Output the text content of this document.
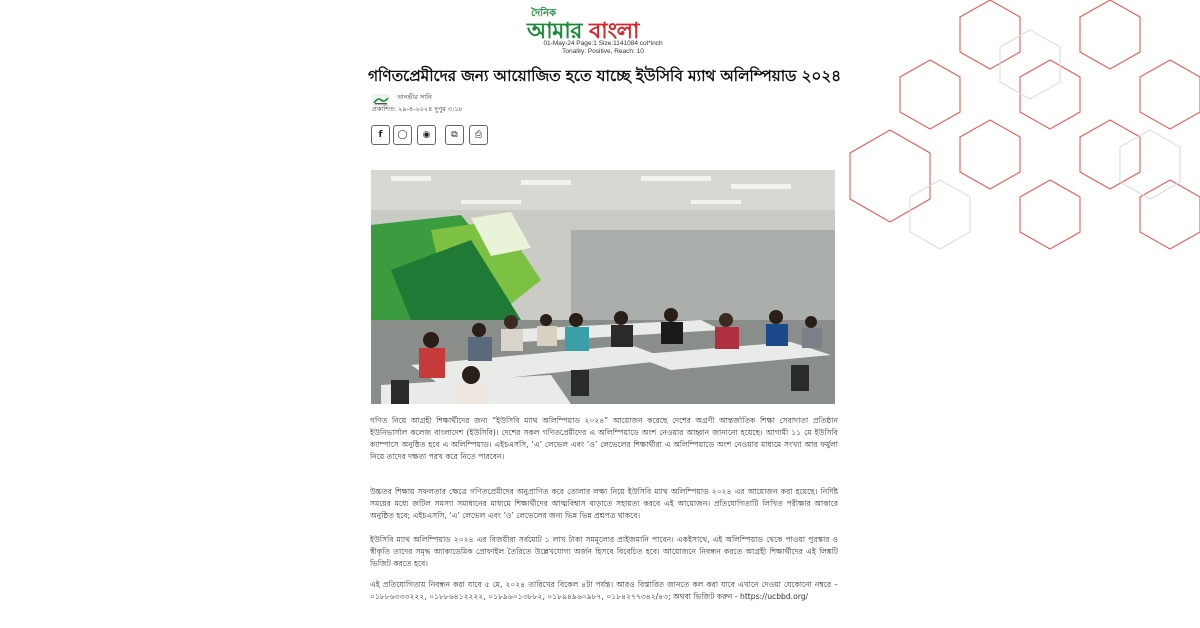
দৈনিক
আমার বাংলা
01-May-24 Page:1 Size:1141084 col*inch
Tonality: Positive, Reach: 10
গণিতপ্রেমীদের জন্য আয়োজিত হতে যাচ্ছে ইউসিবি ম্যাথ অলিম্পিয়াড ২০২৪
তানভীর সানি
প্রকাশিত: ২৯-৪-২০২৪ দুপুর ৩:১৮
f ◯ ◉ ⧉ ⎙
গণিত নিয়ে আগ্রহী শিক্ষার্থীদের জন্য “ইউসিবি ম্যাথ অলিম্পিয়াড ২০২৪” আয়োজন করেছে দেশের অগ্রণী আন্তর্জাতিক শিক্ষা সেবাদাতা প্রতিষ্ঠান ইউনিভার্সাল কলেজ বাংলাদেশ (ইউসিবি)। দেশের সকল গণিতপ্রেমীদের এ অলিম্পিয়াডে অংশ নেওয়ার আহ্বান জানানো হয়েছে। আগামী ১১ মে ইউসিবি ক্যাম্পাসে অনুষ্ঠিত হবে এ অলিম্পিয়াড। এইচএসসি, ‘এ’ লেভেল এবং ‘ও’ লেভেলের শিক্ষার্থীরা এ অলিম্পিয়াডে অংশ নেওয়ার মাধ্যমে সংখ্যা আর ফর্মুলা নিয়ে তাদের দক্ষতা পরখ করে নিতে পারবেন।
উচ্চতর শিক্ষায় সফলতার ক্ষেত্রে গণিতপ্রেমীদের অনুপ্রাণিত করে তোলার লক্ষ্য নিয়ে ইউসিবি ম্যাথ অলিম্পিয়াড ২০২৪ এর আয়োজন করা হয়েছে। নির্দিষ্ট সময়ের মধ্যে জটিল সমস্যা সমাধানের মাধ্যমে শিক্ষার্থীদের আত্মবিশ্বাস বাড়াতে সহায়তা করবে এই আয়োজন। প্রতিযোগিতাটি লিখিত পরীক্ষার আকারে অনুষ্ঠিত হবে; এইচএসসি, ‘এ’ লেভেল এবং ‘ও’ লেভেলের জন্য ভিন্ন ভিন্ন প্রশ্নপত্র থাকবে।
ইউসিবি ম্যাথ অলিম্পিয়াড ২০২৪ এর বিজয়ীরা সর্বমোট ১ লাখ টাকা সমমূল্যের প্রাইজমানি পাবেন। একইসাথে, এই অলিম্পিয়াড থেকে পাওয়া পুরস্কার ও স্বীকৃতি তাদের সমৃদ্ধ অ্যাকাডেমিক প্রোফাইল তৈরিতে উল্লেখযোগ্য অর্জন হিসবে বিবেচিত হবে। আয়োজনে নিবন্ধন করতে আগ্রহী শিক্ষার্থীদের এই লিঙ্কটি ভিজিট করতে হবে।
এই প্রতিযোগিতায় নিবন্ধন করা যাবে ৫ মে, ২০২৪ তারিখের বিকেল ৪টা পর্যন্ত। আরও বিস্তারিত জানতে কল করা যাবে এখানে দেওয়া যেকোনো নম্বরে – ০১৮৮৬৩৩৩২২২, ০১৮৮৬৪১২২২২, ০১৮৯৬০১৩৮৮২, ০১৮৯৪৯৬০৯৮৭, ০১৮৪২৭৭৩৪২/৪৩; অথবা ভিজিট করুন - https://ucbbd.org/
